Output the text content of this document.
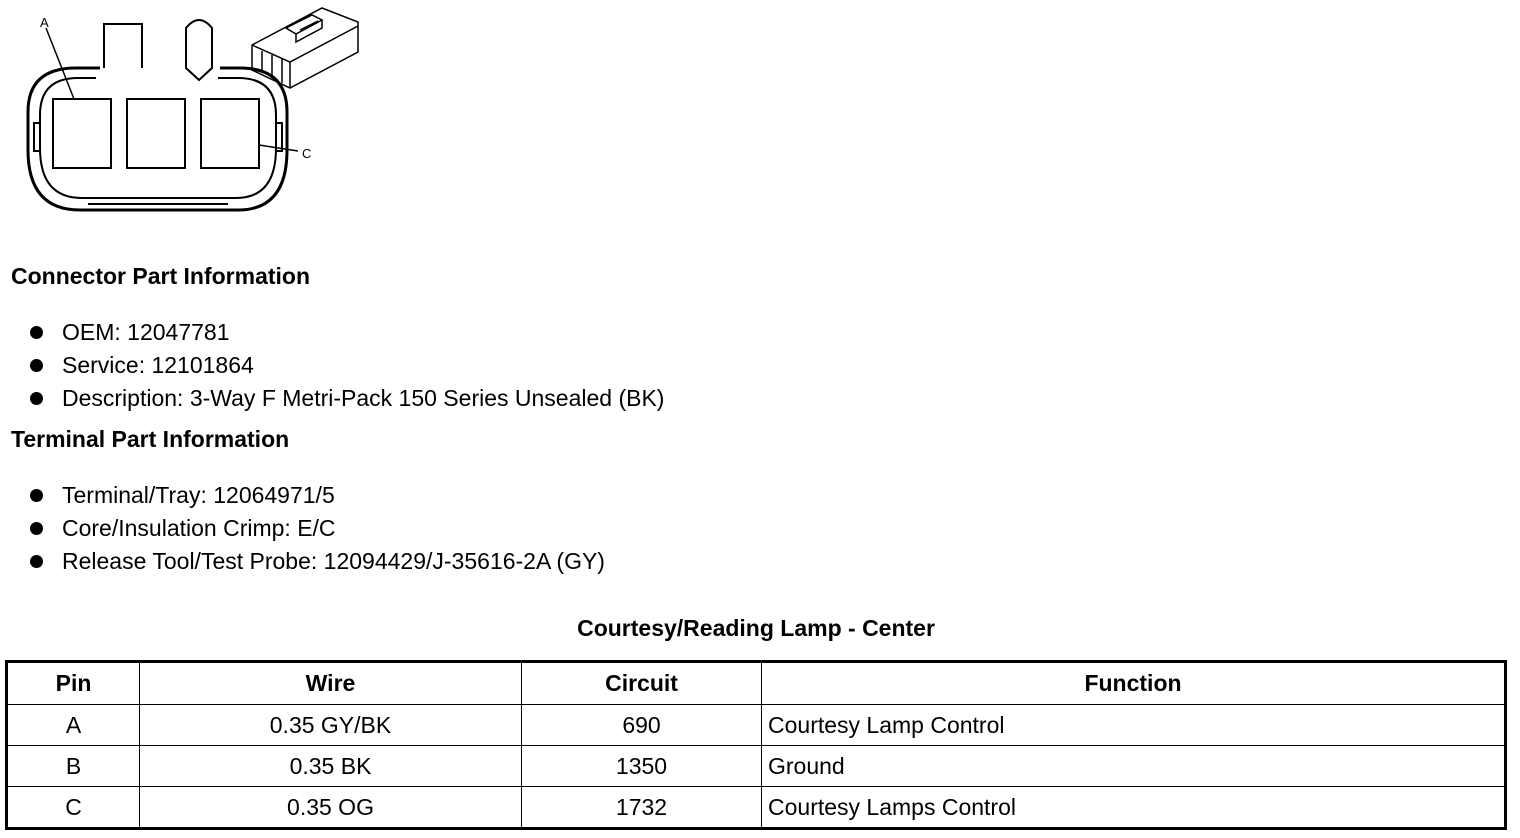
A
C
Connector Part Information
OEM: 12047781
Service: 12101864
Description: 3-Way F Metri-Pack 150 Series Unsealed (BK)
Terminal Part Information
Terminal/Tray: 12064971/5
Core/Insulation Crimp: E/C
Release Tool/Test Probe: 12094429/J-35616-2A (GY)
Courtesy/Reading Lamp - Center
Pin	Wire	Circuit	Function
A	0.35 GY/BK	690	Courtesy Lamp Control
B	0.35 BK	1350	Ground
C	0.35 OG	1732	Courtesy Lamps Control
